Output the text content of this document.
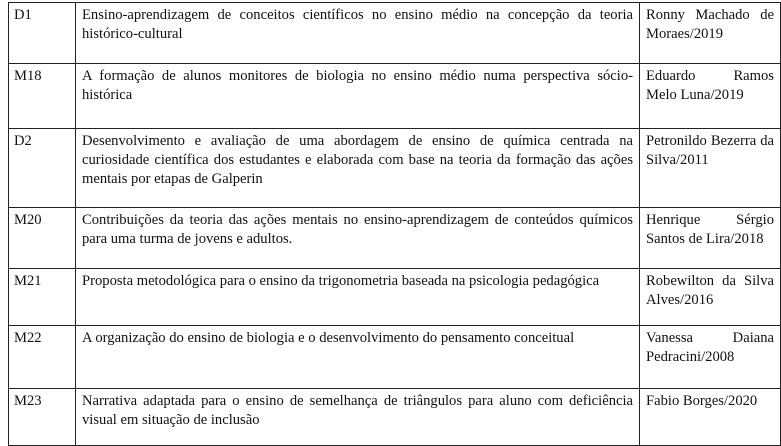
D1	Ensino-aprendizagem de conceitos científicos no ensino médio na concepção da teoria histórico-cultural	Ronny Machado de Moraes/2019
M18	A formação de alunos monitores de biologia no ensino médio numa perspectiva sócio-histórica	Eduardo Ramos Melo Luna/2019
D2	Desenvolvimento e avaliação de uma abordagem de ensino de química centrada na curiosidade científica dos estudantes e elaborada com base na teoria da formação das ações mentais por etapas de Galperin	Petronildo Bezerra da Silva/2011
M20	Contribuições da teoria das ações mentais no ensino-aprendizagem de conteúdos químicos para uma turma de jovens e adultos.	Henrique Sérgio Santos de Lira/2018
M21	Proposta metodológica para o ensino da trigonometria baseada na psicologia pedagógica	Robewilton da Silva Alves/2016
M22	A organização do ensino de biologia e o desenvolvimento do pensamento conceitual	Vanessa Daiana Pedracini/2008
M23	Narrativa adaptada para o ensino de semelhança de triângulos para aluno com deficiência visual em situação de inclusão	Fabio Borges/2020
